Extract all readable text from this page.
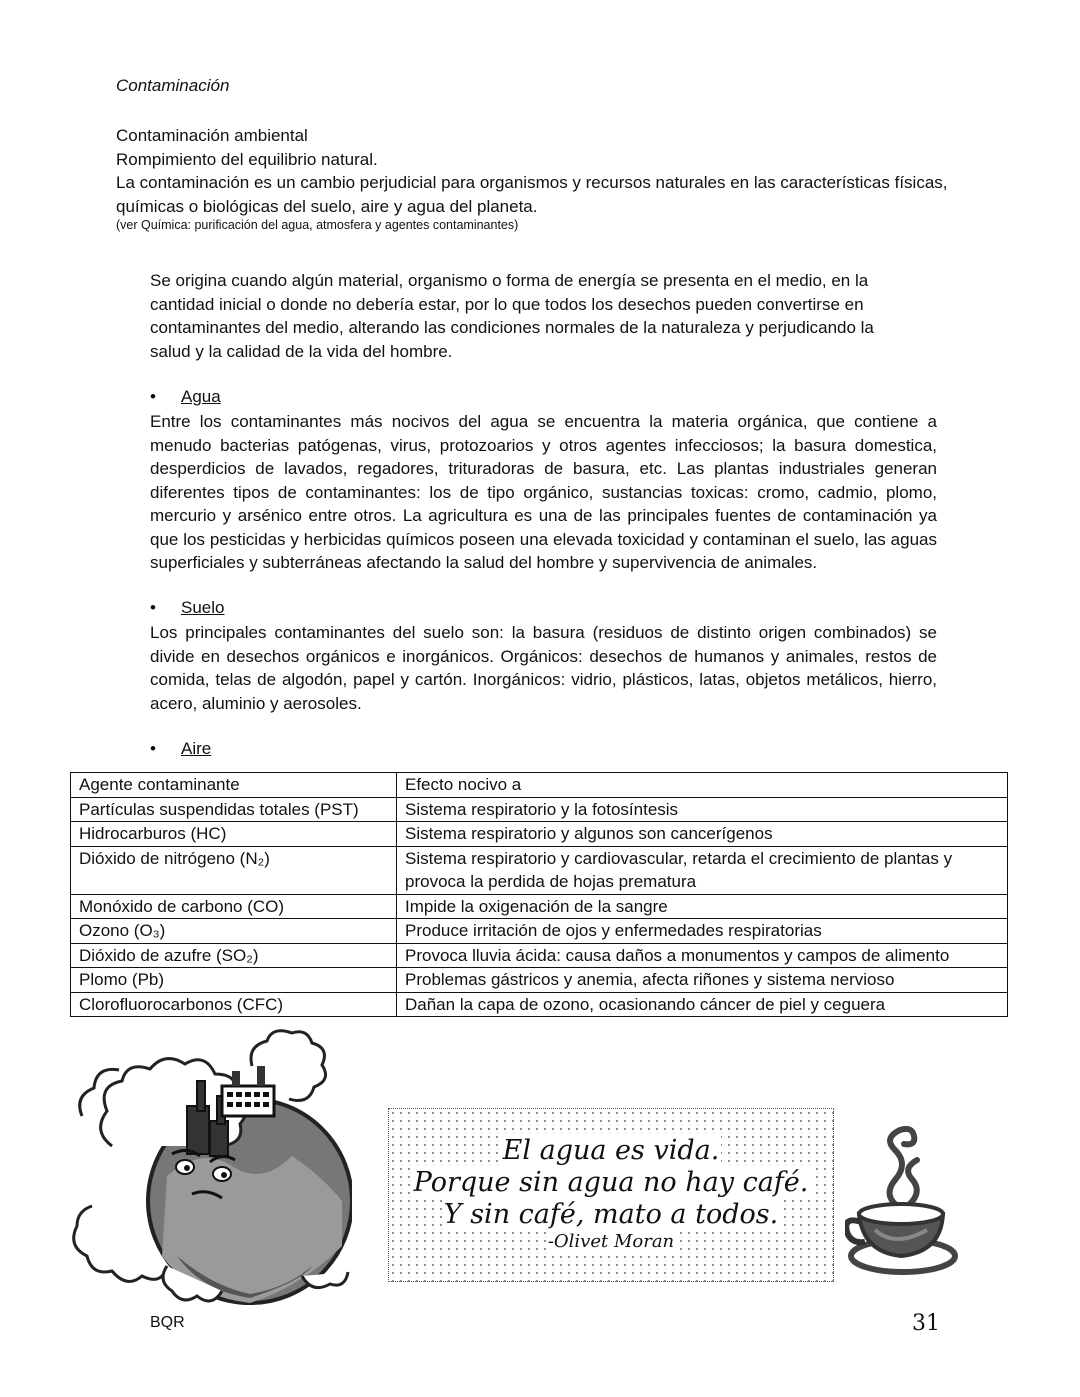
Contaminación
Contaminación ambiental
Rompimiento del equilibrio natural.
La contaminación es un cambio perjudicial para organismos y recursos naturales en las características físicas, químicas o biológicas del suelo, aire y agua del planeta.
(ver Química: purificación del agua, atmosfera y agentes contaminantes)
Se origina cuando algún material, organismo o forma de energía se presenta en el medio, en la cantidad inicial o donde no debería estar, por lo que todos los desechos pueden convertirse en contaminantes del medio, alterando las condiciones normales de la naturaleza y perjudicando la salud y la calidad de la vida del hombre.
• Agua
Entre los contaminantes más nocivos del agua se encuentra la materia orgánica, que contiene a menudo bacterias patógenas, virus, protozoarios y otros agentes infecciosos; la basura domestica, desperdicios de lavados, regadores, trituradoras de basura, etc. Las plantas industriales generan diferentes tipos de contaminantes: los de tipo orgánico, sustancias toxicas: cromo, cadmio, plomo, mercurio y arsénico entre otros. La agricultura es una de las principales fuentes de contaminación ya que los pesticidas y herbicidas químicos poseen una elevada toxicidad y contaminan el suelo, las aguas superficiales y subterráneas afectando la salud del hombre y supervivencia de animales.
• Suelo
Los principales contaminantes del suelo son: la basura (residuos de distinto origen combinados) se divide en desechos orgánicos e inorgánicos. Orgánicos: desechos de humanos y animales, restos de comida, telas de algodón, papel y cartón. Inorgánicos: vidrio, plásticos, latas, objetos metálicos, hierro, acero, aluminio y aerosoles.
• Aire
Agente contaminante	Efecto nocivo a
Partículas suspendidas totales (PST)	Sistema respiratorio y la fotosíntesis
Hidrocarburos (HC)	Sistema respiratorio y algunos son cancerígenos
Dióxido de nitrógeno (N₂)	Sistema respiratorio y cardiovascular, retarda el crecimiento de plantas y provoca la perdida de hojas prematura
Monóxido de carbono (CO)	Impide la oxigenación de la sangre
Ozono (O₃)	Produce irritación de ojos y enfermedades respiratorias
Dióxido de azufre (SO₂)	Provoca lluvia ácida: causa daños a monumentos y campos de alimento
Plomo (Pb)	Problemas gástricos y anemia, afecta riñones y sistema nervioso
Clorofluorocarbonos (CFC)	Dañan la capa de ozono, ocasionando cáncer de piel y ceguera
El agua es vida.
Porque sin agua no hay café.
Y sin café, mato a todos.
-Olivet Moran
BQR	31
